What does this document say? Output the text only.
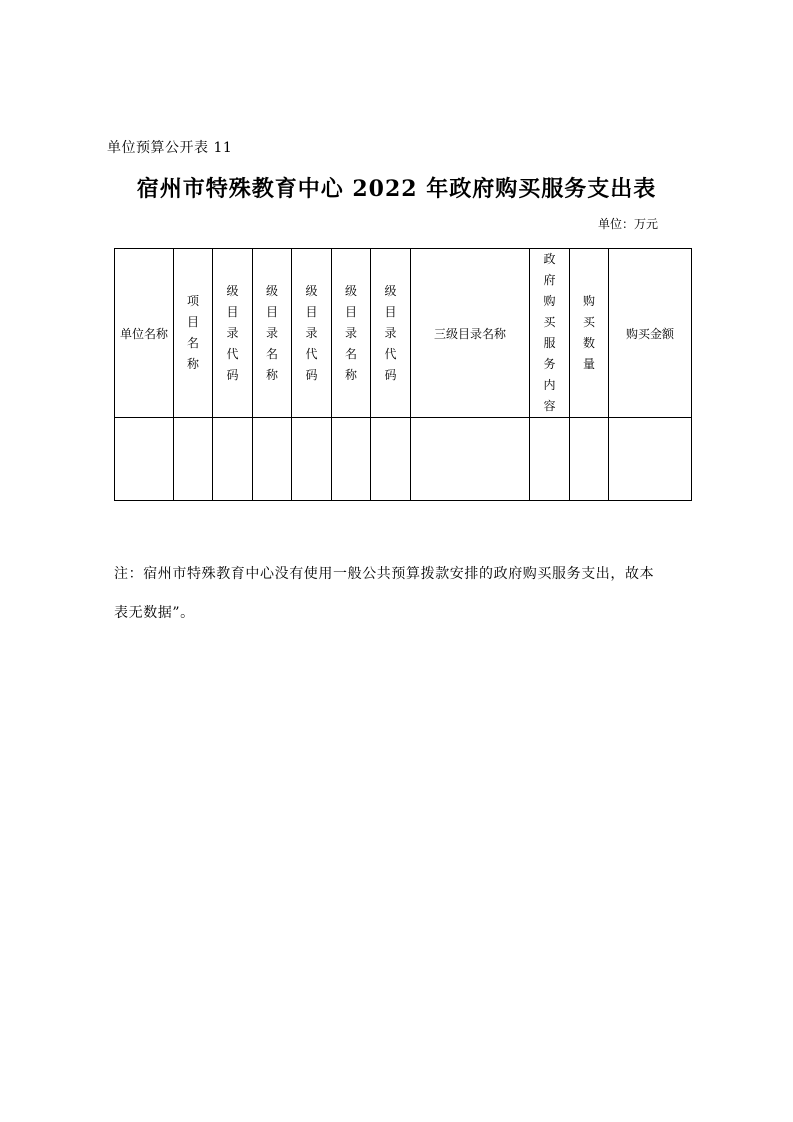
单位预算公开表 11
宿州市特殊教育中心 2022 年政府购买服务支出表
单位：万元
单位名称	项目名称	级目录代码	级目录名称	级目录代码	级目录名称	级目录代码	三级目录名称	政府购买服务内容	购买数量	购买金额

注：宿州市特殊教育中心没有使用一般公共预算拨款安排的政府购买服务支出，故本
表无数据”。
